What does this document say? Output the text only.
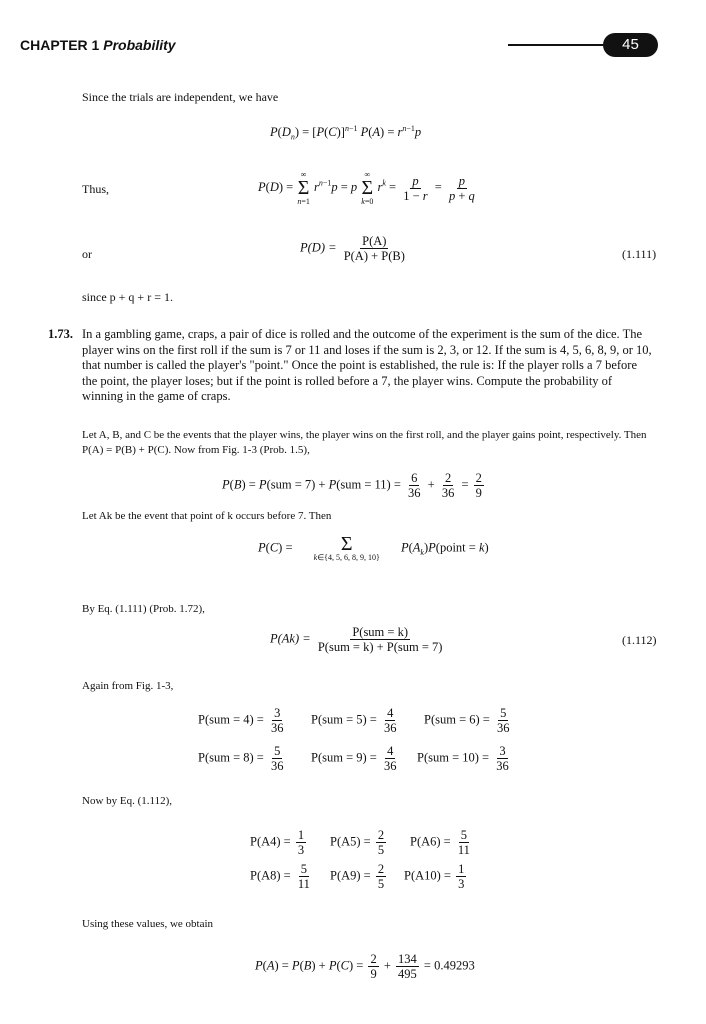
CHAPTER 1 Probability	45
Since the trials are independent, we have
$P(D_n) = [P(C)]^{n-1}$ $P(A) = r^{n-1}p$
Thus,	P(D) =
∞
Σ
n=1
$r^{n-1}p = p$
∞
Σ
k=0
$r^k = \frac{p}{1 - r} = \frac{p}{p + q}$
or	$P(D) = \frac{P(A)}{P(A) + P(B)}$	(1.111)
since p + q + r = 1.
1.73. In a gambling game, craps, a pair of dice is rolled and the outcome of the experiment is the sum of the dice. The player wins on the first roll if the sum is 7 or 11 and loses if the sum is 2, 3, or 12. If the sum is 4, 5, 6, 8, 9, or 10, that number is called the player's "point." Once the point is established, the rule is: If the player rolls a 7 before the point, the player loses; but if the point is rolled before a 7, the player wins. Compute the probability of winning in the game of craps.
Let A, B, and C be the events that the player wins, the player wins on the first roll, and the player gains point, respectively. Then P(A) = P(B) + P(C). Now from Fig. 1-3 (Prob. 1.5),
$P(B) = P(sum = 7) + P(sum = 11) = \frac{6}{36} + \frac{2}{36} = \frac{2}{9}$
Let Ak be the event that point of k occurs before 7. Then
P(C) = Σ
k∈{4, 5, 6, 8, 9, 10}
$P(A_k)P(point = k)$
By Eq. (1.111) (Prob. 1.72),
$P(Ak) = \frac{\text{P(sum = k)}}{\text{P(sum = k) + P(sum = 7)}}$	(1.112)
Again from Fig. 1-3,
$P(sum = 4) = \frac{3}{36} P(sum = 5) = \frac{4}{36} P(sum = 6) = \frac{5}{36}$
$P(sum = 8) = \frac{5}{36} P(sum = 9) = \frac{4}{36} P(sum = 10) = \frac{3}{36}$
Now by Eq. (1.112),
$P(A4) = \frac{1}{3} P(A5) = \frac{2}{5} P(A6) = \frac{5}{11}$
$P(A8) = \frac{5}{11} P(A9) = \frac{2}{5} P(A10) = \frac{1}{3}$
Using these values, we obtain
$P(A) = P(B) + P(C) = \frac{2}{9} + \frac{134}{495} = 0.49293$
